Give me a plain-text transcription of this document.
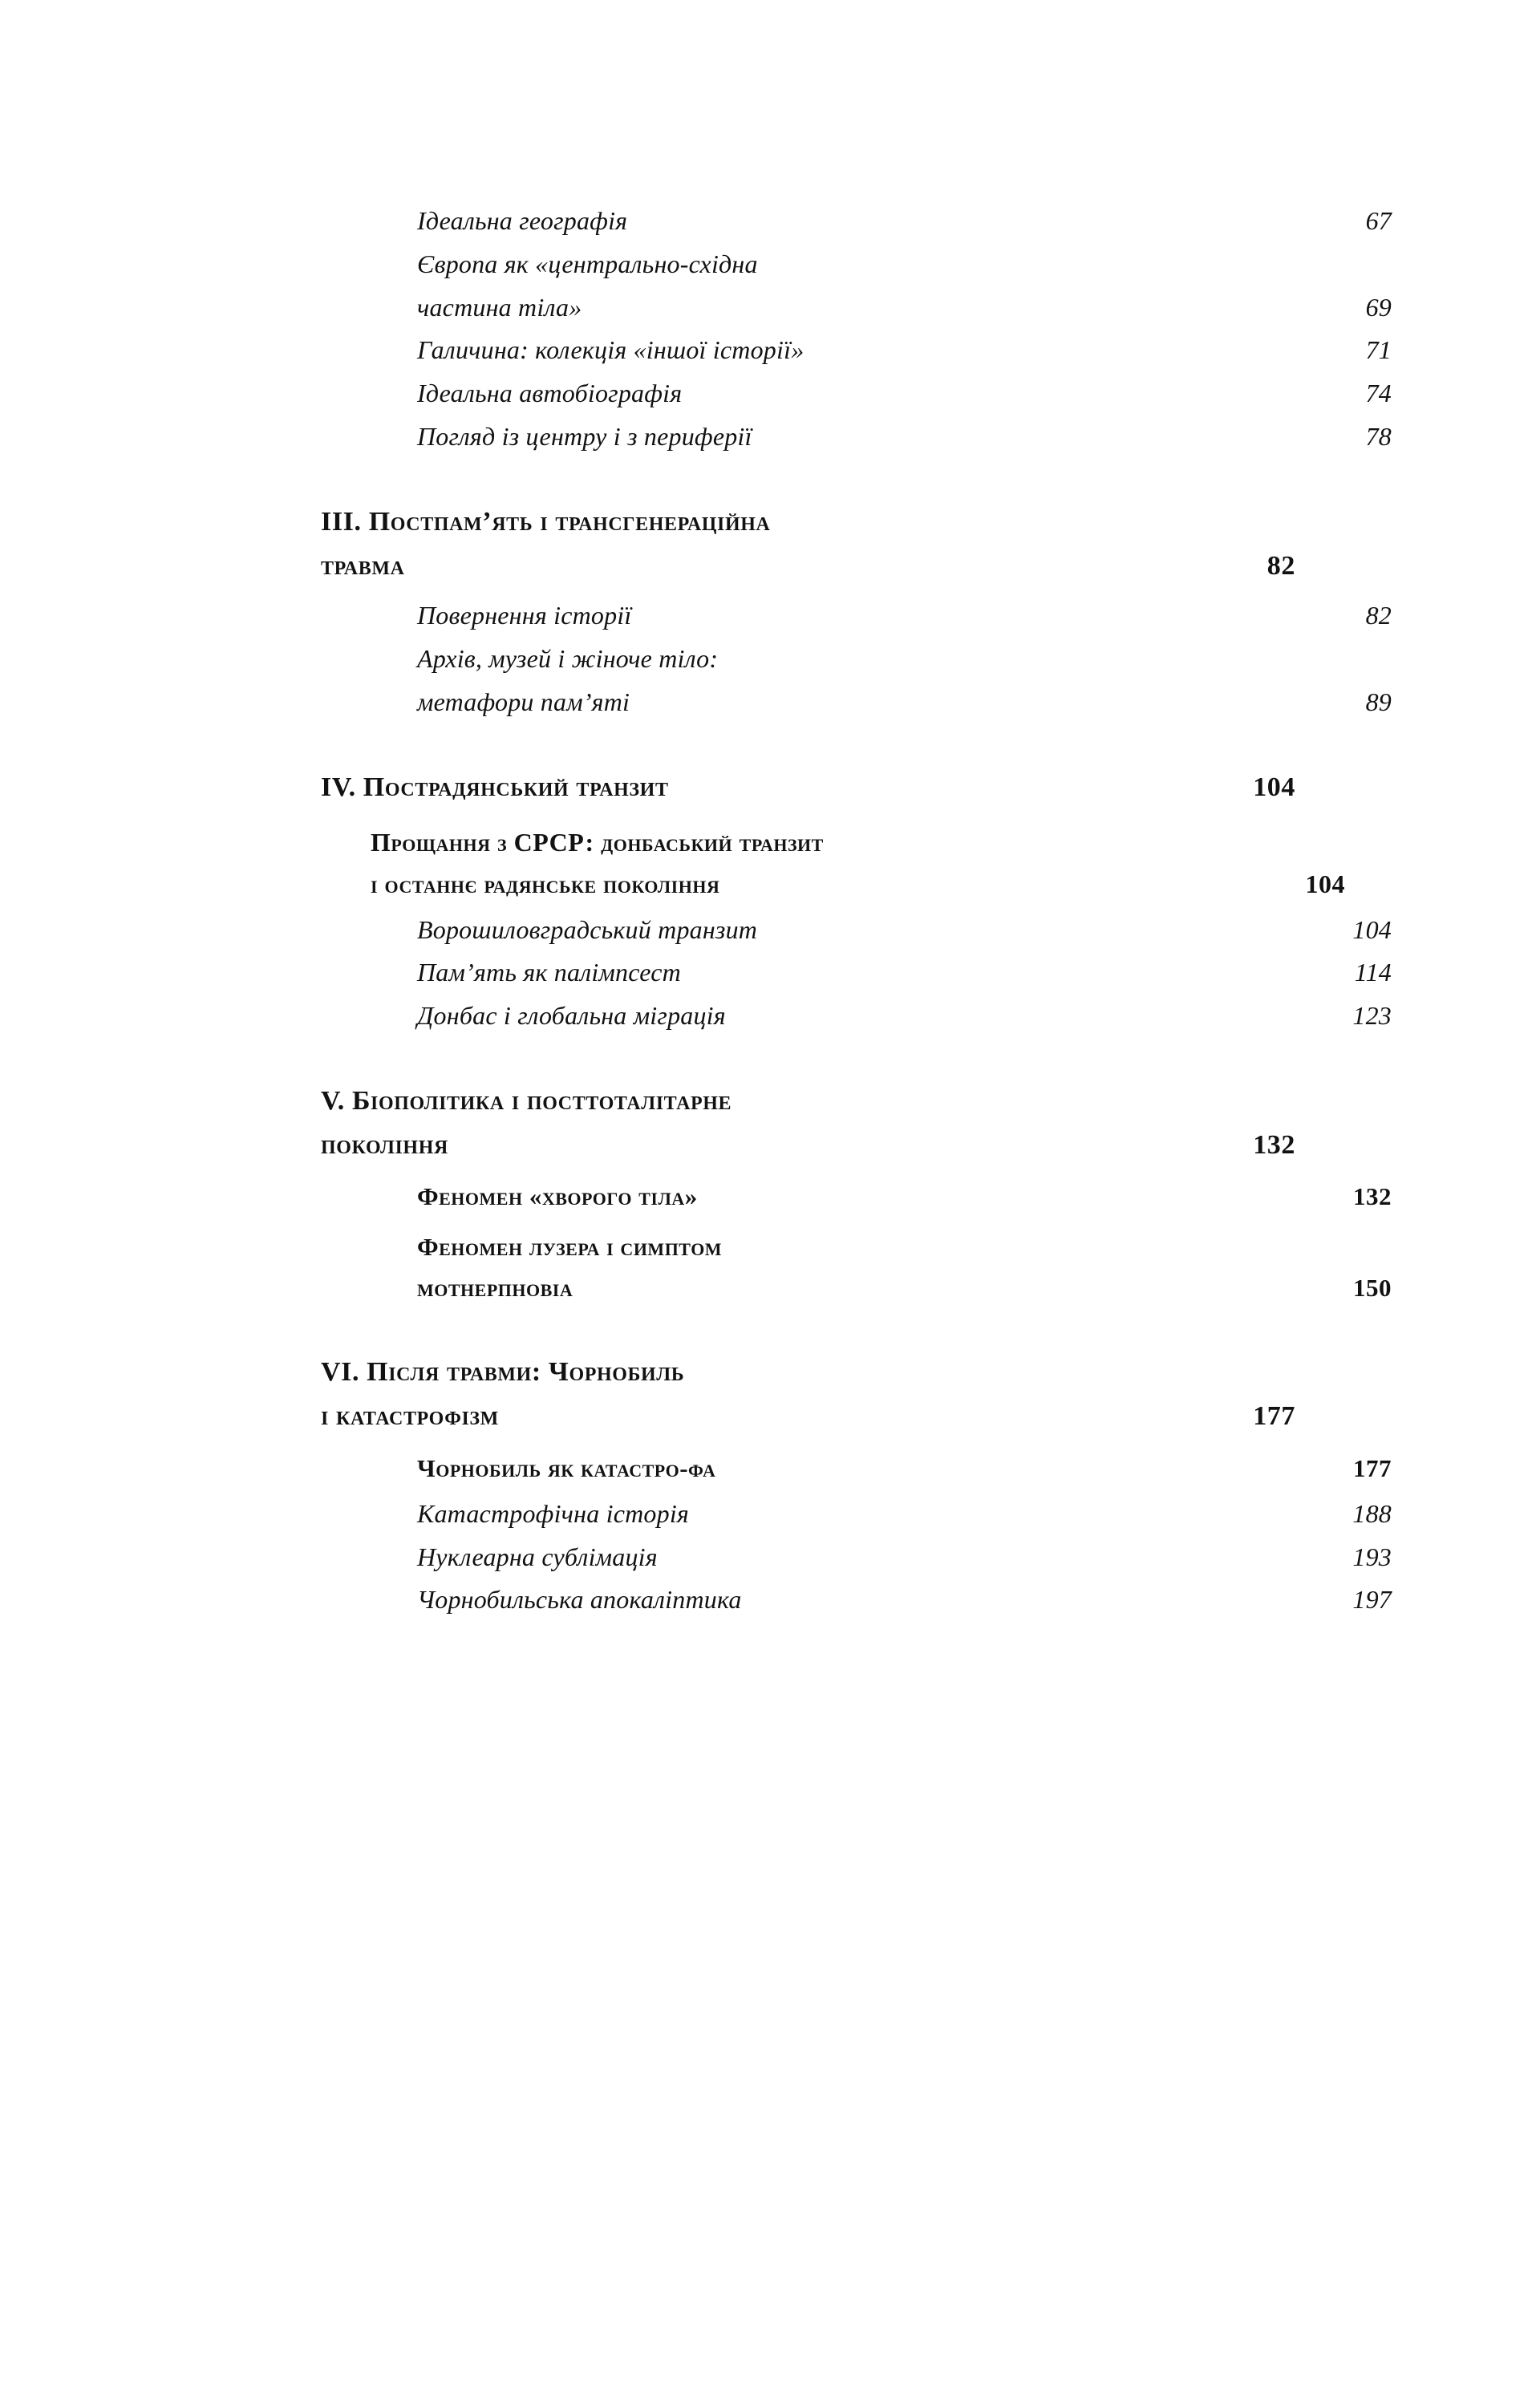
Ідеальна географія	67
Європа як «центрально-східна
частина тіла»	69
Галичина: колекція «іншої історії»	71
Ідеальна автобіографія	74
Погляд із центру і з периферії	78
III. Постпам’ять і трансгенераційна
травма	82
Повернення історії	82
Архів, музей і жіноче тіло:
метафори пам’яті	89
IV. Пострадянський транзит	104
Прощання з СРСР: донбаський транзит
і останнє радянське покоління	104
Ворошиловградський транзит	104
Пам’ять як палімпсест	114
Донбас і глобальна міграція	123
V. Біополітика і посттоталітарне
покоління	132
Феномен «хворого тіла»	132
Феномен лузера і симптом
мотнерпновіа	150
VI. Після травми: Чорнобиль
і катастрофізм	177
Чорнобиль як катастро-фа	177
Катастрофічна історія	188
Нуклеарна сублімація	193
Чорнобильська апокаліптика	197
